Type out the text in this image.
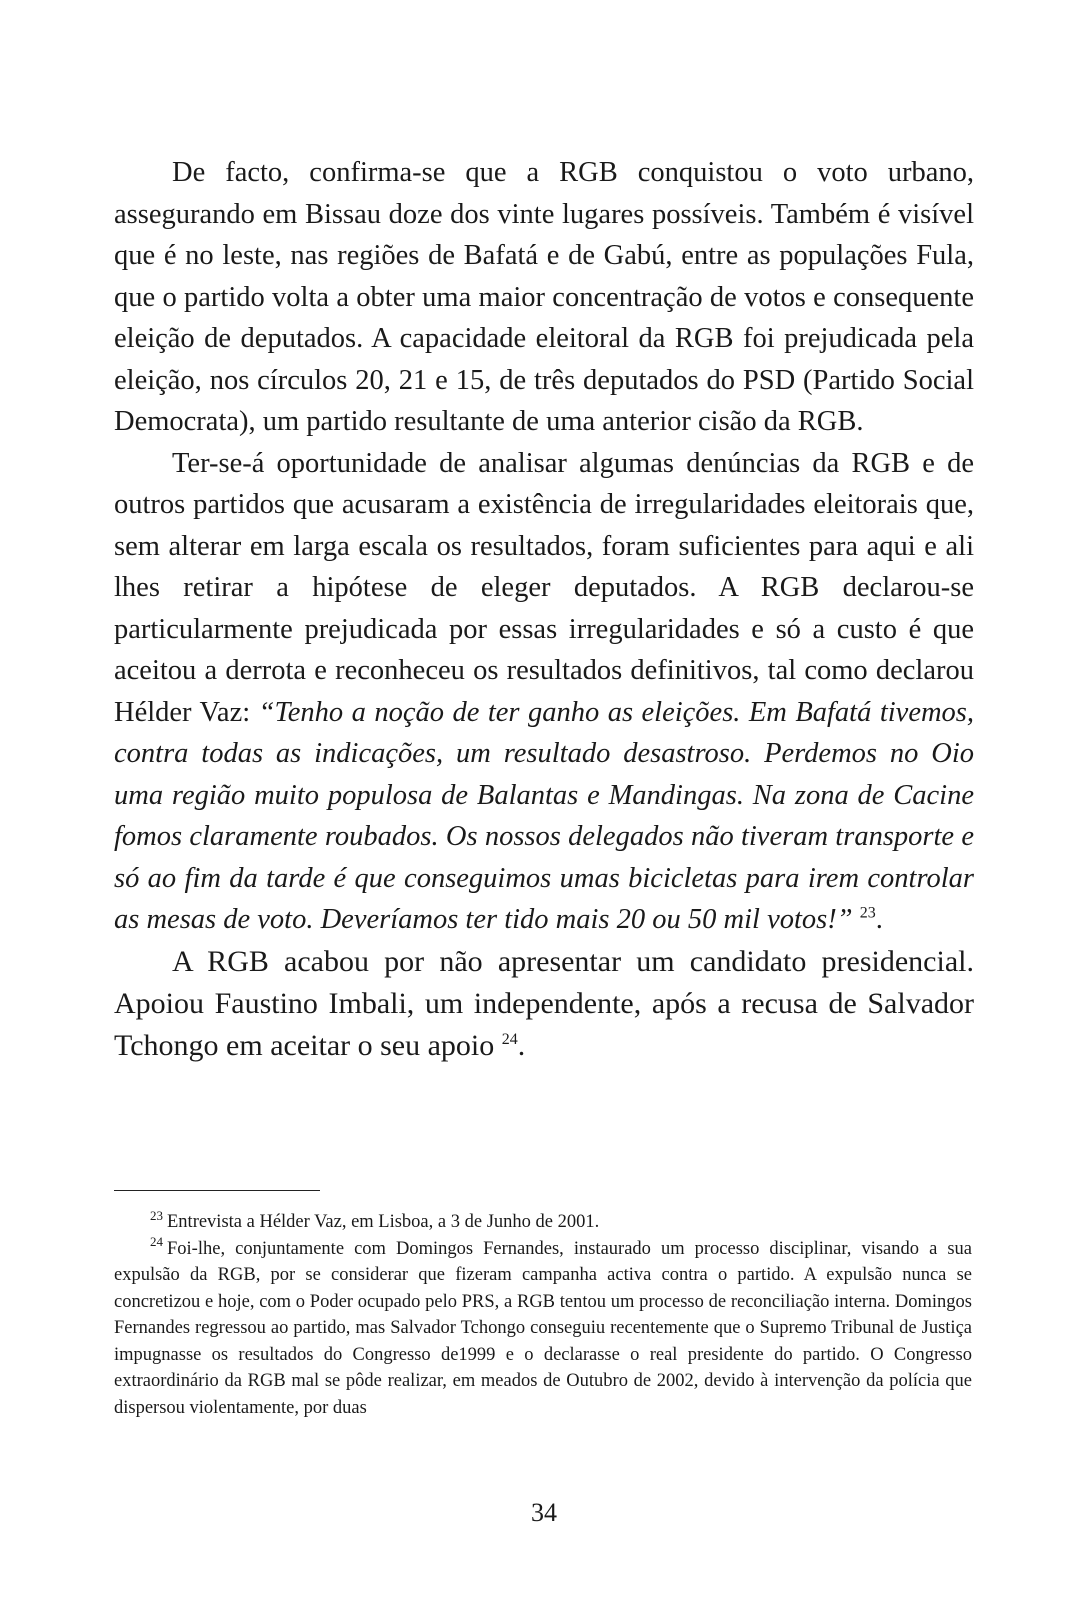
De facto, confirma-se que a RGB conquistou o voto urbano, assegurando em Bissau doze dos vinte lugares possíveis. Também é visível que é no leste, nas regiões de Bafatá e de Gabú, entre as populações Fula, que o partido volta a obter uma maior concentração de votos e consequente eleição de deputados. A capacidade eleitoral da RGB foi prejudicada pela eleição, nos círculos 20, 21 e 15, de três deputados do PSD (Partido Social Democrata), um partido resultante de uma anterior cisão da RGB.

Ter-se-á oportunidade de analisar algumas denúncias da RGB e de outros partidos que acusaram a existência de irregularidades eleitorais que, sem alterar em larga escala os resultados, foram suficientes para aqui e ali lhes retirar a hipótese de eleger deputados. A RGB declarou-se particularmente prejudicada por essas irregularidades e só a custo é que aceitou a derrota e reconheceu os resultados definitivos, tal como declarou Hélder Vaz: “Tenho a noção de ter ganho as eleições. Em Bafatá tivemos, contra todas as indicações, um resultado desastroso. Perdemos no Oio uma região muito populosa de Balantas e Mandingas. Na zona de Cacine fomos claramente roubados. Os nossos delegados não tiveram transporte e só ao fim da tarde é que conseguimos umas bicicletas para irem controlar as mesas de voto. Deveríamos ter tido mais 20 ou 50 mil votos!” $^{23}$.

A RGB acabou por não apresentar um candidato presidencial. Apoiou Faustino Imbali, um independente, após a recusa de Salvador Tchongo em aceitar o seu apoio $^{24}$.

$^{23}$ Entrevista a Hélder Vaz, em Lisboa, a 3 de Junho de 2001.

$^{24}$ Foi-lhe, conjuntamente com Domingos Fernandes, instaurado um processo disciplinar, visando a sua expulsão da RGB, por se considerar que fizeram campanha activa contra o partido. A expulsão nunca se concretizou e hoje, com o Poder ocupado pelo PRS, a RGB tentou um processo de reconciliação interna. Domingos Fernandes regressou ao partido, mas Salvador Tchongo conseguiu recentemente que o Supremo Tribunal de Justiça impugnasse os resultados do Congresso de1999 e o declarasse o real presidente do partido. O Congresso extraordinário da RGB mal se pôde realizar, em meados de Outubro de 2002, devido à intervenção da polícia que dispersou violentamente, por duas

34
